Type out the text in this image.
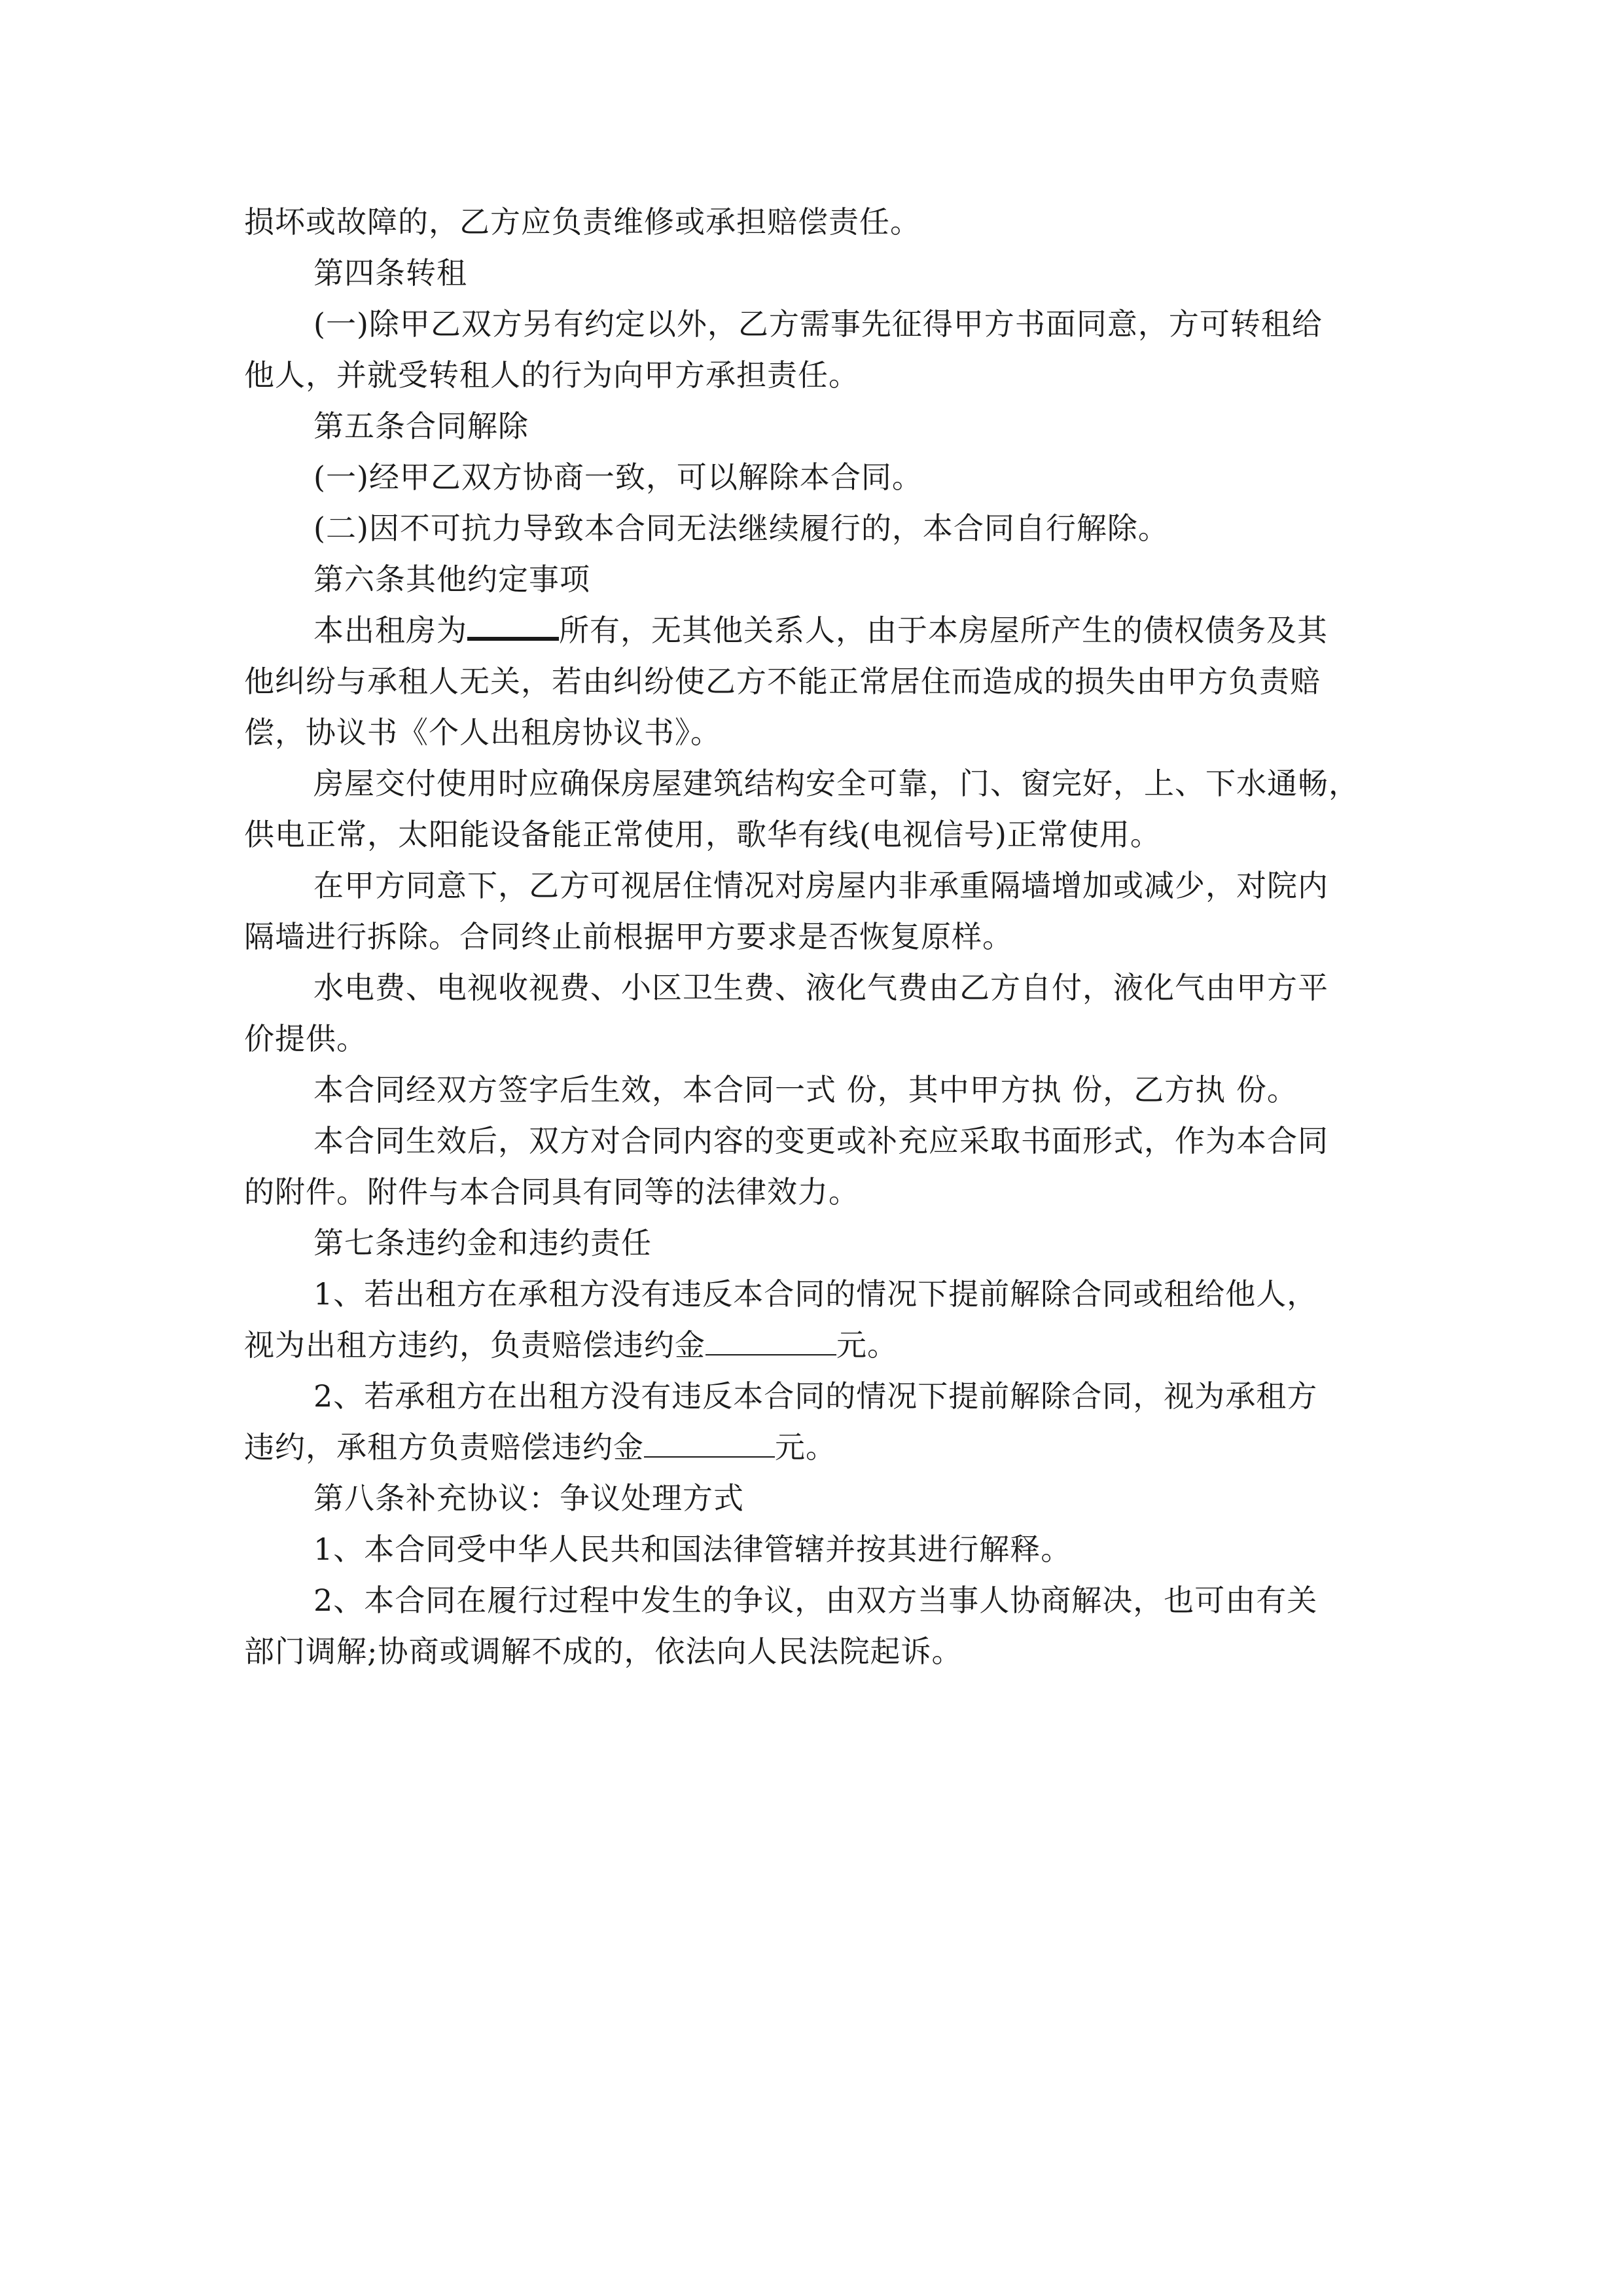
损坏或故障的，乙方应负责维修或承担赔偿责任。
第四条转租
(一)除甲乙双方另有约定以外，乙方需事先征得甲方书面同意，方可转租给
他人，并就受转租人的行为向甲方承担责任。
第五条合同解除
(一)经甲乙双方协商一致，可以解除本合同。
(二)因不可抗力导致本合同无法继续履行的，本合同自行解除。
第六条其他约定事项
本出租房为	所有，无其他关系人，由于本房屋所产生的债权债务及其
他纠纷与承租人无关，若由纠纷使乙方不能正常居住而造成的损失由甲方负责赔
偿，协议书《个人出租房协议书》。
房屋交付使用时应确保房屋建筑结构安全可靠，门、窗完好，上、下水通畅，
供电正常，太阳能设备能正常使用，歌华有线(电视信号)正常使用。
在甲方同意下，乙方可视居住情况对房屋内非承重隔墙增加或减少，对院内
隔墙进行拆除。合同终止前根据甲方要求是否恢复原样。
水电费、电视收视费、小区卫生费、液化气费由乙方自付，液化气由甲方平
价提供。
本合同经双方签字后生效，本合同一式 份，其中甲方执 份，乙方执 份。
本合同生效后，双方对合同内容的变更或补充应采取书面形式，作为本合同
的附件。附件与本合同具有同等的法律效力。
第七条违约金和违约责任
1、若出租方在承租方没有违反本合同的情况下提前解除合同或租给他人，
视为出租方违约，负责赔偿违约金	元。
2、若承租方在出租方没有违反本合同的情况下提前解除合同，视为承租方
违约，承租方负责赔偿违约金	元。
第八条补充协议：争议处理方式
1、本合同受中华人民共和国法律管辖并按其进行解释。
2、本合同在履行过程中发生的争议，由双方当事人协商解决，也可由有关
部门调解;协商或调解不成的，依法向人民法院起诉。
